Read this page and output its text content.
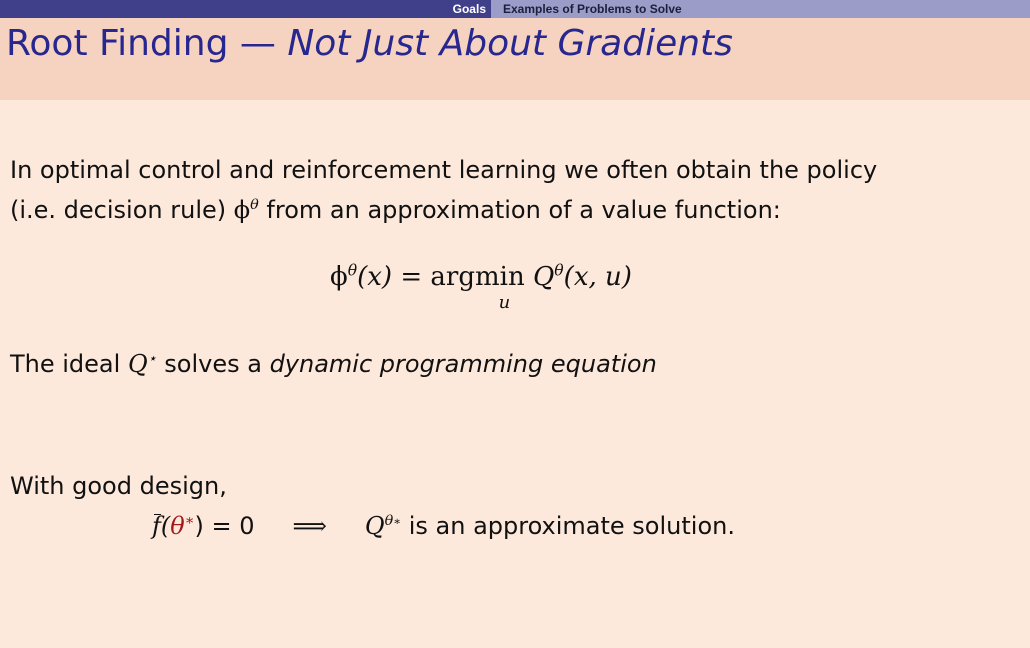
Goals	Examples of Problems to Solve
Root Finding — Not Just About Gradients
In optimal control and reinforcement learning we often obtain the policy
(i.e. decision rule) $\phi^\theta$ from an approximation of a value function:
$\phi^\theta(x) = argmin$
u
$Q^\theta(x$, u)
The ideal Q⋆ solves a dynamic programming equation
With good design,
f(θ∗) = 0 ⟹ $Q^{\theta∗}$ is an approximate solution.
